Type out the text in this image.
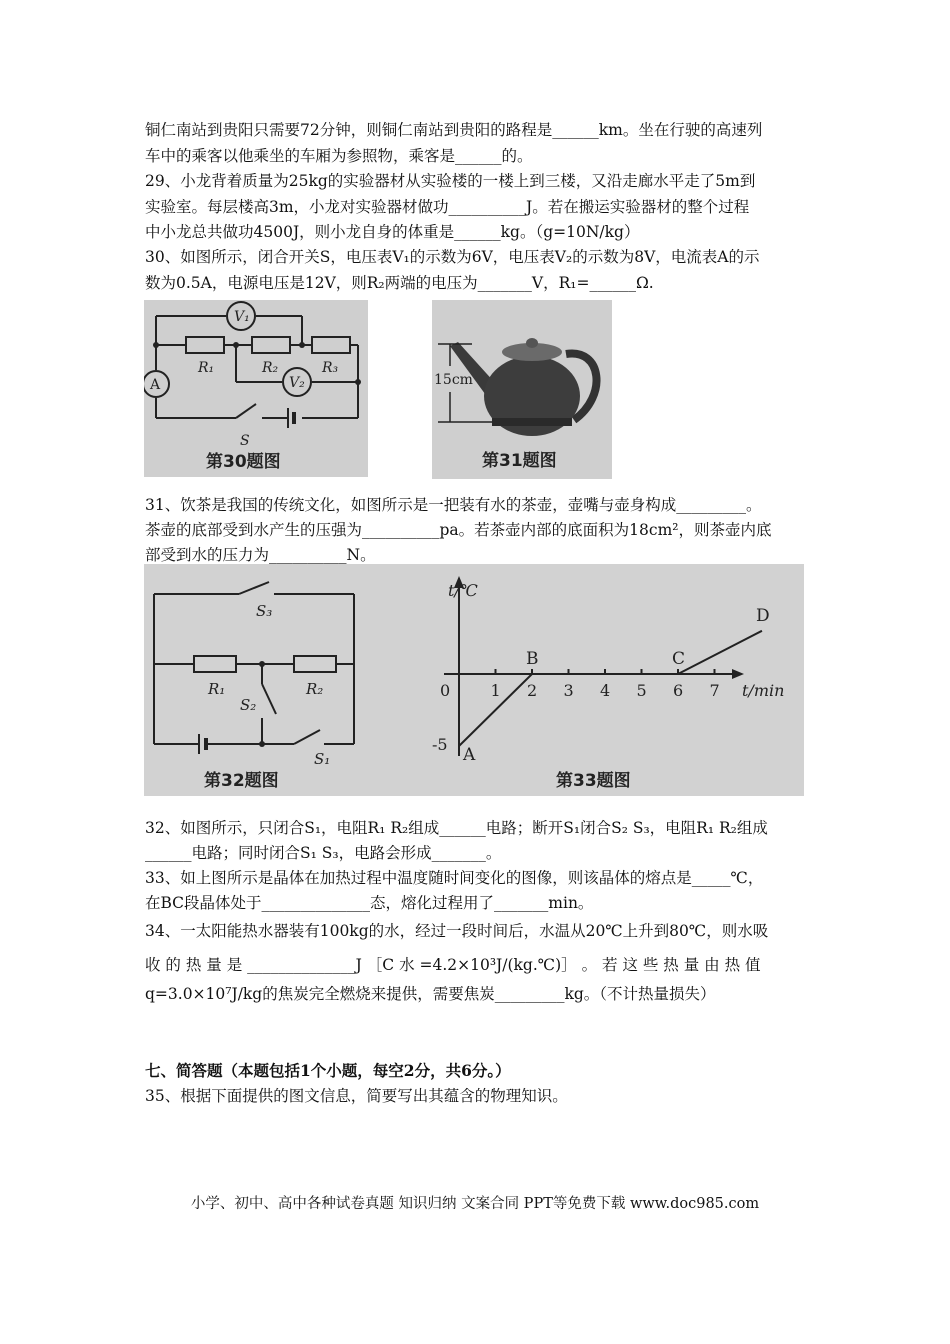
铜仁南站到贵阳只需要72分钟，则铜仁南站到贵阳的路程是______km。坐在行驶的高速列
车中的乘客以他乘坐的车厢为参照物，乘客是______的。
29、小龙背着质量为25kg的实验器材从实验楼的一楼上到三楼，又沿走廊水平走了5m到
实验室。每层楼高3m，小龙对实验器材做功__________J。若在搬运实验器材的整个过程
中小龙总共做功4500J，则小龙自身的体重是______kg。（g=10N/kg）
30、如图所示，闭合开关S，电压表V₁的示数为6V，电压表V₂的示数为8V，电流表A的示
数为0.5A，电源电压是12V，则R₂两端的电压为_______V，R₁=______Ω.
V₁
R₁	R₂	R₃
V₂
A
S
第30题图
15cm
第31题图
31、饮茶是我国的传统文化，如图所示是一把装有水的茶壶，壶嘴与壶身构成_________。
茶壶的底部受到水产生的压强为__________pa。若茶壶内部的底面积为18cm²，则茶壶内底
部受到水的压力为__________N。
S₃
R₁	R₂
S₂
S₁
第32题图
t/℃
t/min
0
-5
1 2 3 4 5 6 7
A
B	C
D
第33题图
32、如图所示，只闭合S₁，电阻R₁ R₂组成______电路；断开S₁闭合S₂ S₃，电阻R₁ R₂组成
______电路；同时闭合S₁ S₃，电路会形成_______。
33、如上图所示是晶体在加热过程中温度随时间变化的图像，则该晶体的熔点是_____℃，
在BC段晶体处于______________态，熔化过程用了_______min。
34、一太阳能热水器装有100kg的水，经过一段时间后，水温从20℃上升到80℃，则水吸
收 的 热 量 是 ______________J ［C 水 =4.2×10³J/(kg.℃)］ 。 若 这 些 热 量 由 热 值
q=3.0×10⁷J/kg的焦炭完全燃烧来提供，需要焦炭_________kg。（不计热量损失）
七、简答题（本题包括1个小题，每空2分，共6分。）
35、根据下面提供的图文信息，简要写出其蕴含的物理知识。
小学、初中、高中各种试卷真题 知识归纳 文案合同 PPT等免费下载 www.doc985.com
